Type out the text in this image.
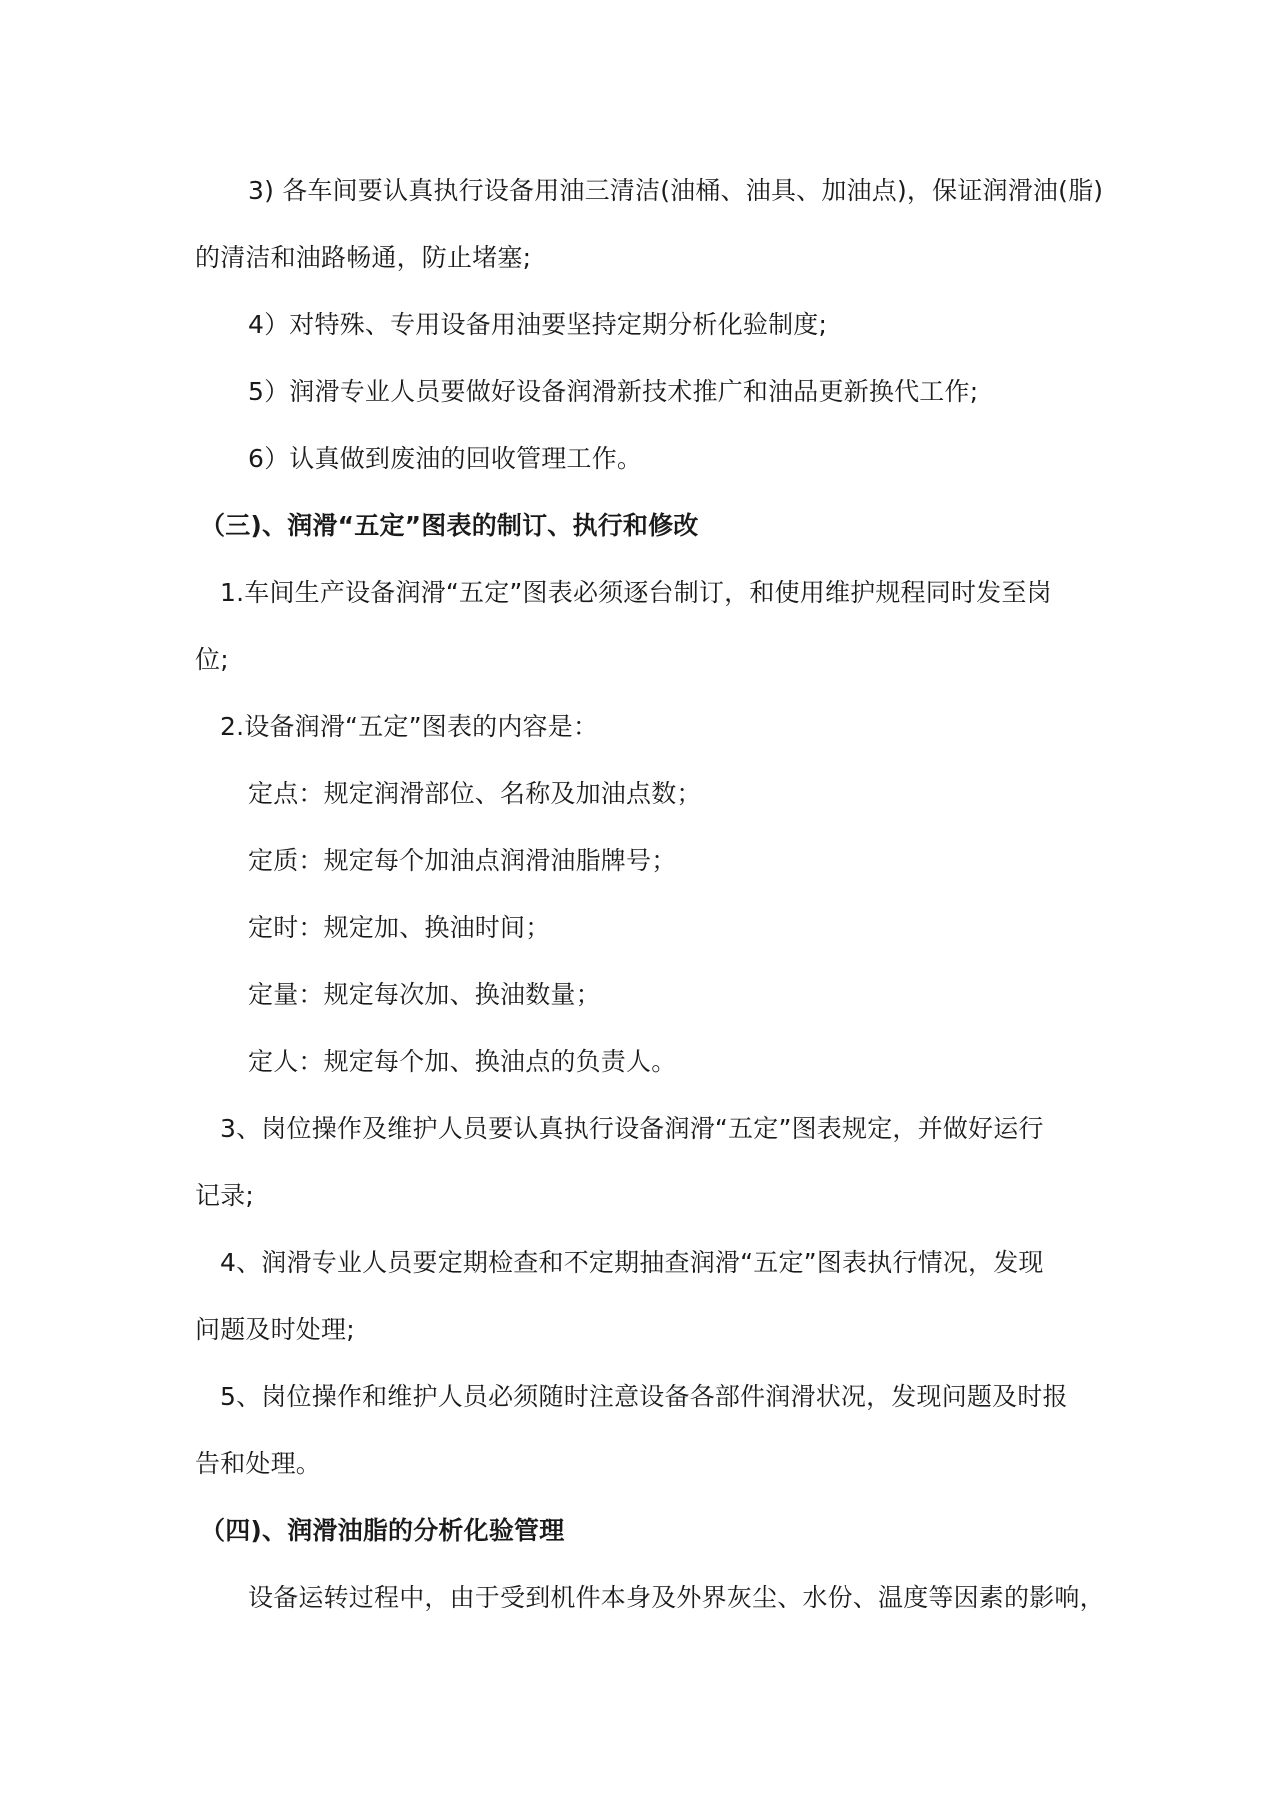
3) 各车间要认真执行设备用油三清洁(油桶、油具、加油点)，保证润滑油(脂)
的清洁和油路畅通，防止堵塞;
4）对特殊、专用设备用油要坚持定期分析化验制度;
5）润滑专业人员要做好设备润滑新技术推广和油品更新换代工作;
6）认真做到废油的回收管理工作。
（三)、润滑“五定”图表的制订、执行和修改
1.车间生产设备润滑“五定”图表必须逐台制订，和使用维护规程同时发至岗
位;
2.设备润滑“五定”图表的内容是：
定点：规定润滑部位、名称及加油点数；
定质：规定每个加油点润滑油脂牌号；
定时：规定加、换油时间；
定量：规定每次加、换油数量；
定人：规定每个加、换油点的负责人。
3、岗位操作及维护人员要认真执行设备润滑“五定”图表规定，并做好运行
记录;
4、润滑专业人员要定期检查和不定期抽查润滑“五定”图表执行情况，发现
问题及时处理;
5、岗位操作和维护人员必须随时注意设备各部件润滑状况，发现问题及时报
告和处理。
（四)、润滑油脂的分析化验管理
设备运转过程中，由于受到机件本身及外界灰尘、水份、温度等因素的影响，
